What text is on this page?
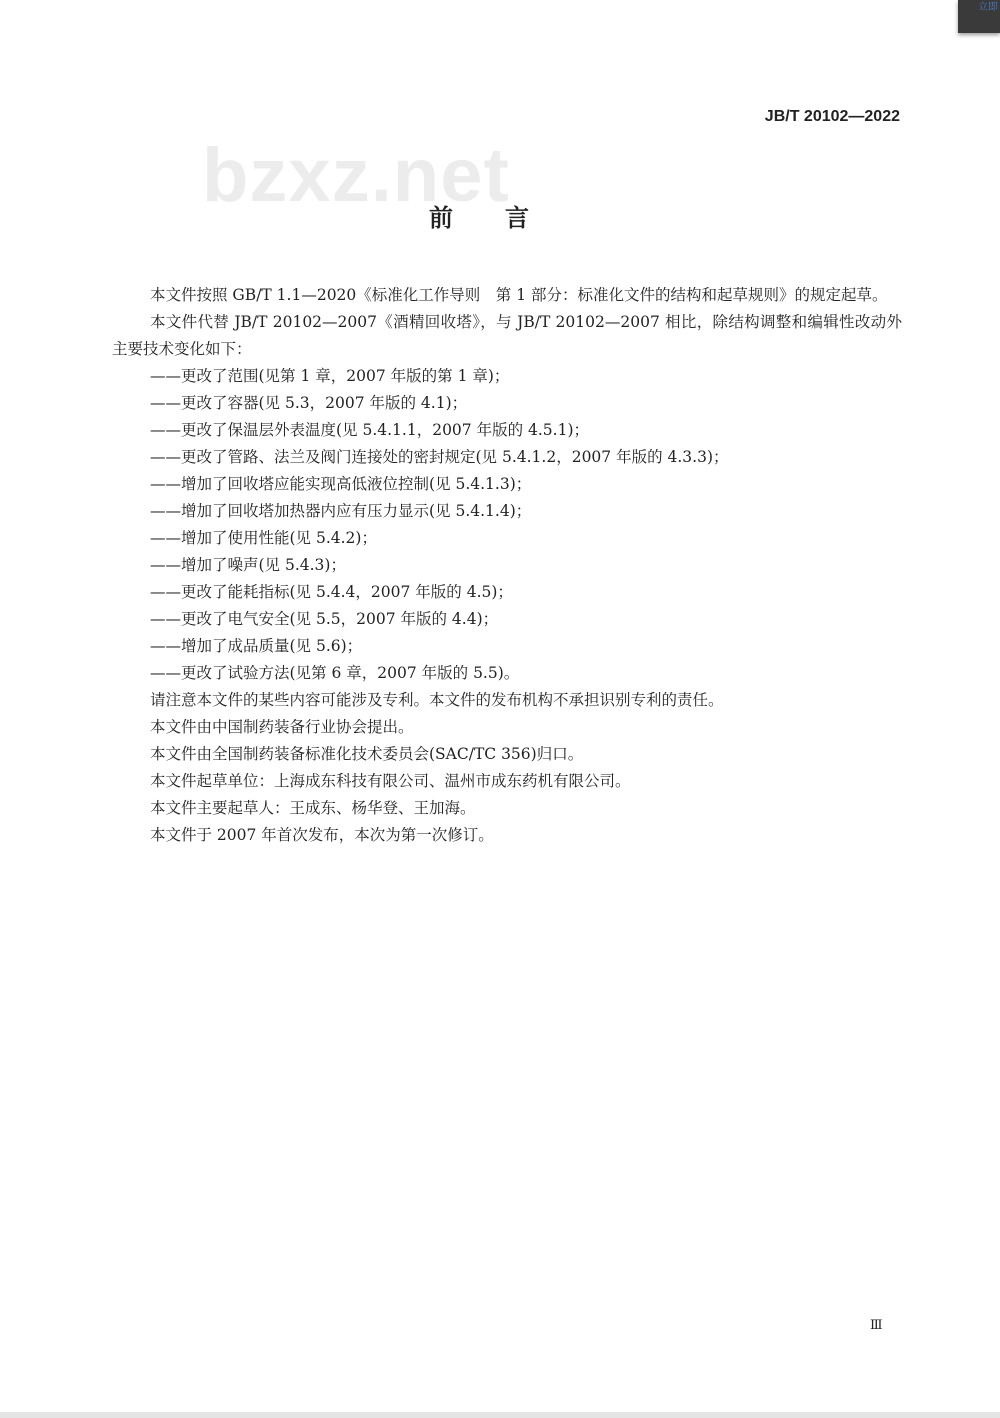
立即
JB/T 20102—2022
bzxz.net
前言

本文件按照 GB/T 1.1—2020《标准化工作导则　第 1 部分：标准化文件的结构和起草规则》的规定起草。

本文件代替 JB/T 20102—2007《酒精回收塔》，与 JB/T 20102—2007 相比，除结构调整和编辑性改动外主要技术变化如下：

——更改了范围(见第 1 章，2007 年版的第 1 章)；

——更改了容器(见 5.3，2007 年版的 4.1)；

——更改了保温层外表温度(见 5.4.1.1，2007 年版的 4.5.1)；

——更改了管路、法兰及阀门连接处的密封规定(见 5.4.1.2，2007 年版的 4.3.3)；

——增加了回收塔应能实现高低液位控制(见 5.4.1.3)；

——增加了回收塔加热器内应有压力显示(见 5.4.1.4)；

——增加了使用性能(见 5.4.2)；

——增加了噪声(见 5.4.3)；

——更改了能耗指标(见 5.4.4，2007 年版的 4.5)；

——更改了电气安全(见 5.5，2007 年版的 4.4)；

——增加了成品质量(见 5.6)；

——更改了试验方法(见第 6 章，2007 年版的 5.5)。

请注意本文件的某些内容可能涉及专利。本文件的发布机构不承担识别专利的责任。

本文件由中国制药装备行业协会提出。

本文件由全国制药装备标准化技术委员会(SAC/TC 356)归口。

本文件起草单位：上海成东科技有限公司、温州市成东药机有限公司。

本文件主要起草人：王成东、杨华登、王加海。

本文件于 2007 年首次发布，本次为第一次修订。

Ⅲ
